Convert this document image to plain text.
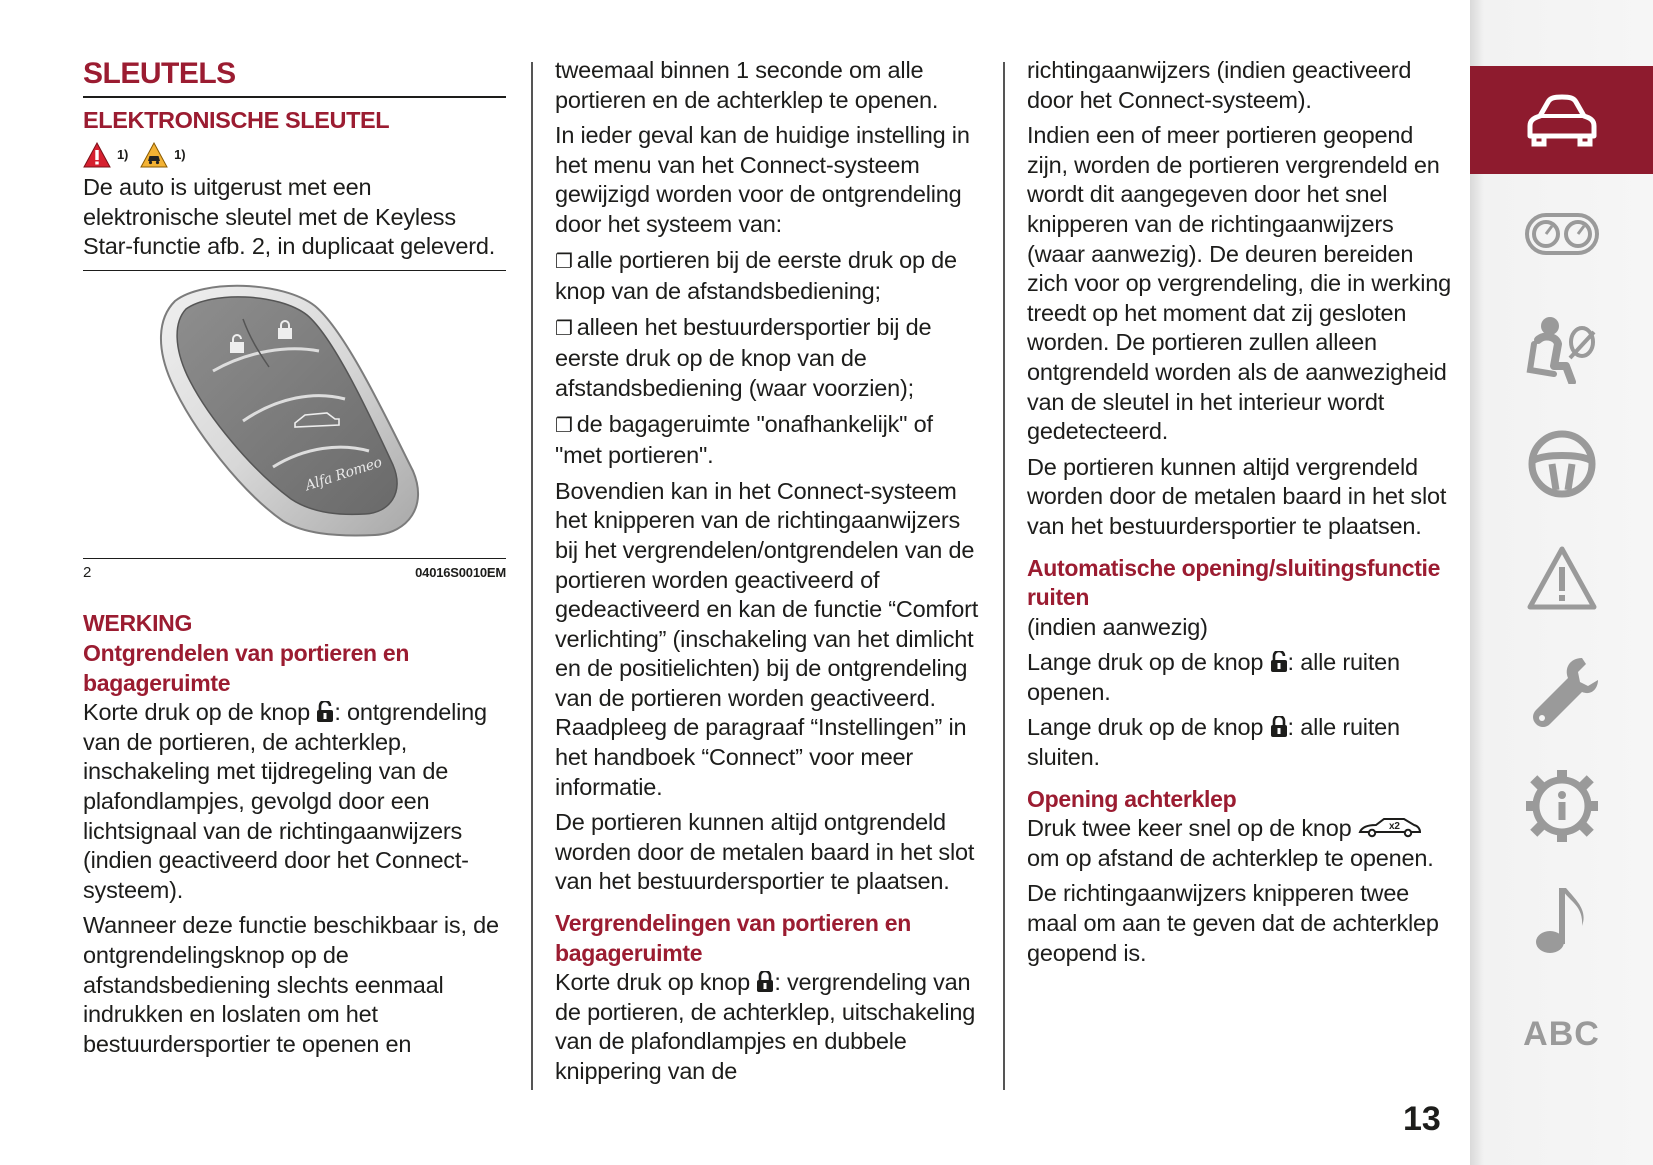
SLEUTELS
ELEKTRONISCHE SLEUTEL
1)	1)

De auto is uitgerust met een elektronische sleutel met de Keyless Star-functie afb. 2, in duplicaat geleverd.

Alfa Romeo
2	04016S0010EM
WERKING
Ontgrendelen van portieren en bagageruimte

Korte druk op de knop : ontgrendeling van de portieren, de achterklep, inschakeling met tijdregeling van de plafondlampjes, gevolgd door een lichtsignaal van de richtingaanwijzers (indien geactiveerd door het Connect-systeem).

Wanneer deze functie beschikbaar is, de ontgrendelingsknop op de afstandsbediening slechts eenmaal indrukken en loslaten om het bestuurdersportier te openen en

tweemaal binnen 1 seconde om alle portieren en de achterklep te openen.

In ieder geval kan de huidige instelling in het menu van het Connect-systeem gewijzigd worden voor de ontgrendeling door het systeem van:

❐ alle portieren bij de eerste druk op de knop van de afstandsbediening;

❐ alleen het bestuurdersportier bij de eerste druk op de knop van de afstandsbediening (waar voorzien);

❐ de bagageruimte "onafhankelijk" of "met portieren".

Bovendien kan in het Connect-systeem het knipperen van de richtingaanwijzers bij het vergrendelen/ontgrendelen van de portieren worden geactiveerd of gedeactiveerd en kan de functie “Comfort verlichting” (inschakeling van het dimlicht en de positielichten) bij de ontgrendeling van de portieren worden geactiveerd. Raadpleeg de paragraaf “Instellingen” in het handboek “Connect” voor meer informatie.

De portieren kunnen altijd ontgrendeld worden door de metalen baard in het slot van het bestuurdersportier te plaatsen.

Vergrendelingen van portieren en bagageruimte

Korte druk op knop : vergrendeling van de portieren, de achterklep, uitschakeling van de plafondlampjes en dubbele knippering van de

richtingaanwijzers (indien geactiveerd door het Connect-systeem).

Indien een of meer portieren geopend zijn, worden de portieren vergrendeld en wordt dit aangegeven door het snel knipperen van de richtingaanwijzers (waar aanwezig). De deuren bereiden zich voor op vergrendeling, die in werking treedt op het moment dat zij gesloten worden. De portieren zullen alleen ontgrendeld worden als de aanwezigheid van de sleutel in het interieur wordt gedetecteerd.

De portieren kunnen altijd vergrendeld worden door de metalen baard in het slot van het bestuurdersportier te plaatsen.

Automatische opening/sluitingsfunctie ruiten

(indien aanwezig)

Lange druk op de knop : alle ruiten openen.

Lange druk op de knop : alle ruiten sluiten.

Opening achterklep

Druk twee keer snel op de knop	x2
om op afstand de achterklep te openen.

De richtingaanwijzers knipperen twee maal om aan te geven dat de achterklep geopend is.

ABC
13
